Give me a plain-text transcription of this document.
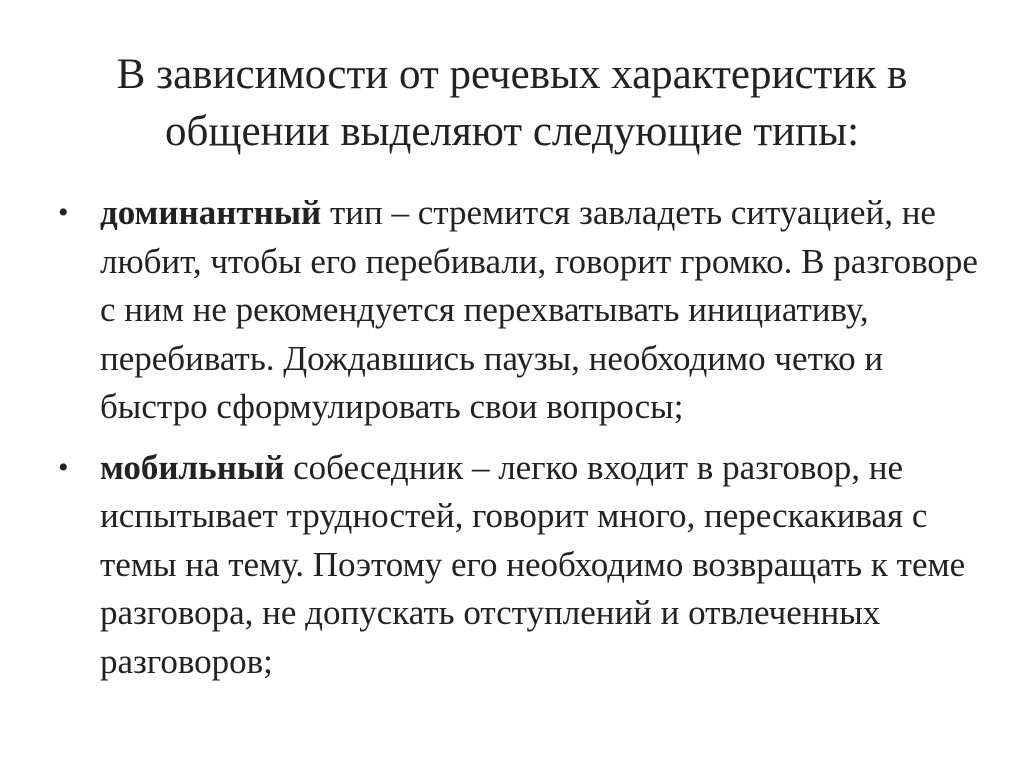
В зависимости от речевых характеристик в общении выделяют следующие типы:
• доминантный тип – стремится завладеть ситуацией, не любит, чтобы его перебивали, говорит громко. В разговоре с ним не рекомендуется перехватывать инициативу, перебивать. Дождавшись паузы, необходимо четко и быстро сформулировать свои вопросы;
• мобильный собеседник – легко входит в разговор, не испытывает трудностей, говорит много, перескакивая с темы на тему. Поэтому его необходимо возвращать к теме разговора, не допускать отступлений и отвлеченных разговоров;
